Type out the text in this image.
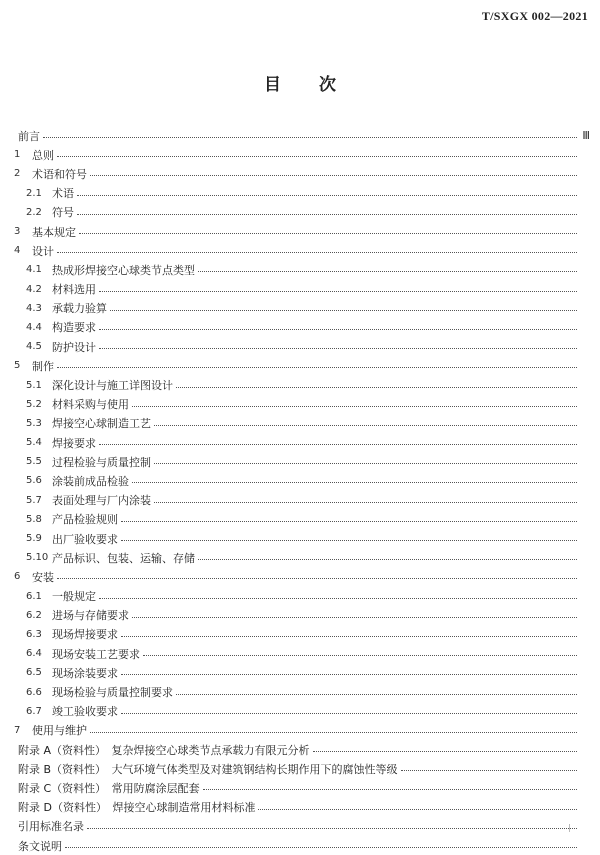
T/SXGX 002—2021
目次
前言	Ⅲ
1	总则
2	术语和符号
2.1 术语
2.2 符号
3	基本规定
4	设计
4.1 热成形焊接空心球类节点类型
4.2 材料选用
4.3 承载力验算
4.4 构造要求
4.5 防护设计
5	制作
5.1 深化设计与施工详图设计
5.2 材料采购与使用
5.3 焊接空心球制造工艺
5.4 焊接要求
5.5 过程检验与质量控制
5.6 涂装前成品检验
5.7 表面处理与厂内涂装
5.8 产品检验规则
5.9 出厂验收要求
5.10 产品标识、包装、运输、存储
6	安装
6.1 一般规定
6.2 进场与存储要求
6.3 现场焊接要求
6.4 现场安装工艺要求
6.5 现场涂装要求
6.6 现场检验与质量控制要求
6.7 竣工验收要求
7	使用与维护
附录 A（资料性）　复杂焊接空心球类节点承载力有限元分析
附录 B（资料性）　大气环境气体类型及对建筑钢结构长期作用下的腐蚀性等级
附录 C（资料性）　常用防腐涂层配套
附录 D（资料性）　焊接空心球制造常用材料标准
引用标准名录
条文说明
